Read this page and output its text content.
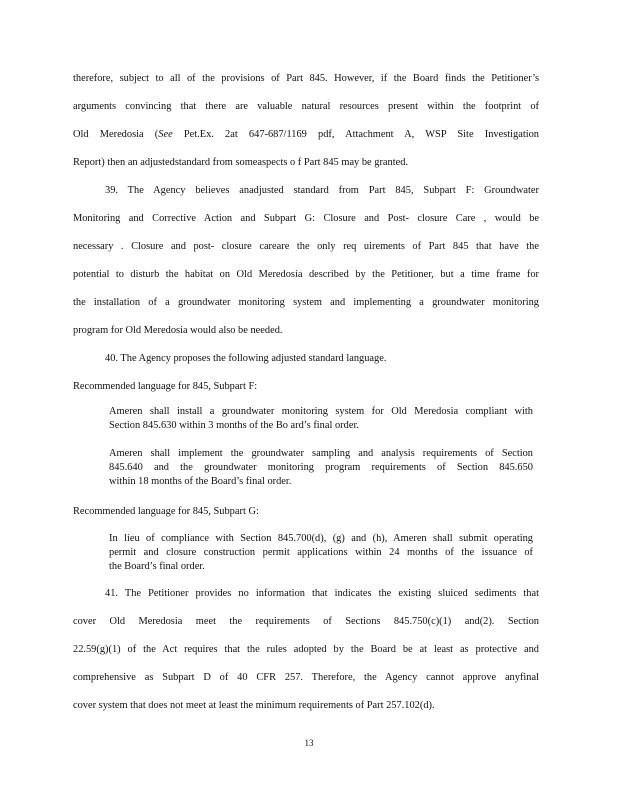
therefore, subject to all of the provisions of Part 845. However, if the Board finds the Petitioner’s
arguments convincing that there are valuable natural resources present within the footprint of
Old Meredosia (See Pet.Ex. 2at 647-687/1169 pdf, Attachment A, WSP Site Investigation
Report) then an adjustedstandard from someaspects o f Part 845 may be granted.
39. The Agency believes anadjusted standard from Part 845, Subpart F: Groundwater
Monitoring and Corrective Action and Subpart G: Closure and Post- closure Care , would be
necessary . Closure and post- closure careare the only req uirements of Part 845 that have the
potential to disturb the habitat on Old Meredosia described by the Petitioner, but a time frame for
the installation of a groundwater monitoring system and implementing a groundwater monitoring
program for Old Meredosia would also be needed.
40. The Agency proposes the following adjusted standard language.
Recommended language for 845, Subpart F:
Ameren shall install a groundwater monitoring system for Old Meredosia compliant with
Section 845.630 within 3 months of the Bo ard’s final order.
Ameren shall implement the groundwater sampling and analysis requirements of Section
845.640 and the groundwater monitoring program requirements of Section 845.650
within 18 months of the Board’s final order.
Recommended language for 845, Subpart G:
In lieu of compliance with Section 845.700(d), (g) and (h), Ameren shall submit operating
permit and closure construction permit applications within 24 months of the issuance of
the Board’s final order.
41. The Petitioner provides no information that indicates the existing sluiced sediments that
cover Old Meredosia meet the requirements of Sections 845.750(c)(1) and(2). Section
22.59(g)(1) of the Act requires that the rules adopted by the Board be at least as protective and
comprehensive as Subpart D of 40 CFR 257. Therefore, the Agency cannot approve anyfinal
cover system that does not meet at least the minimum requirements of Part 257.102(d).
13
